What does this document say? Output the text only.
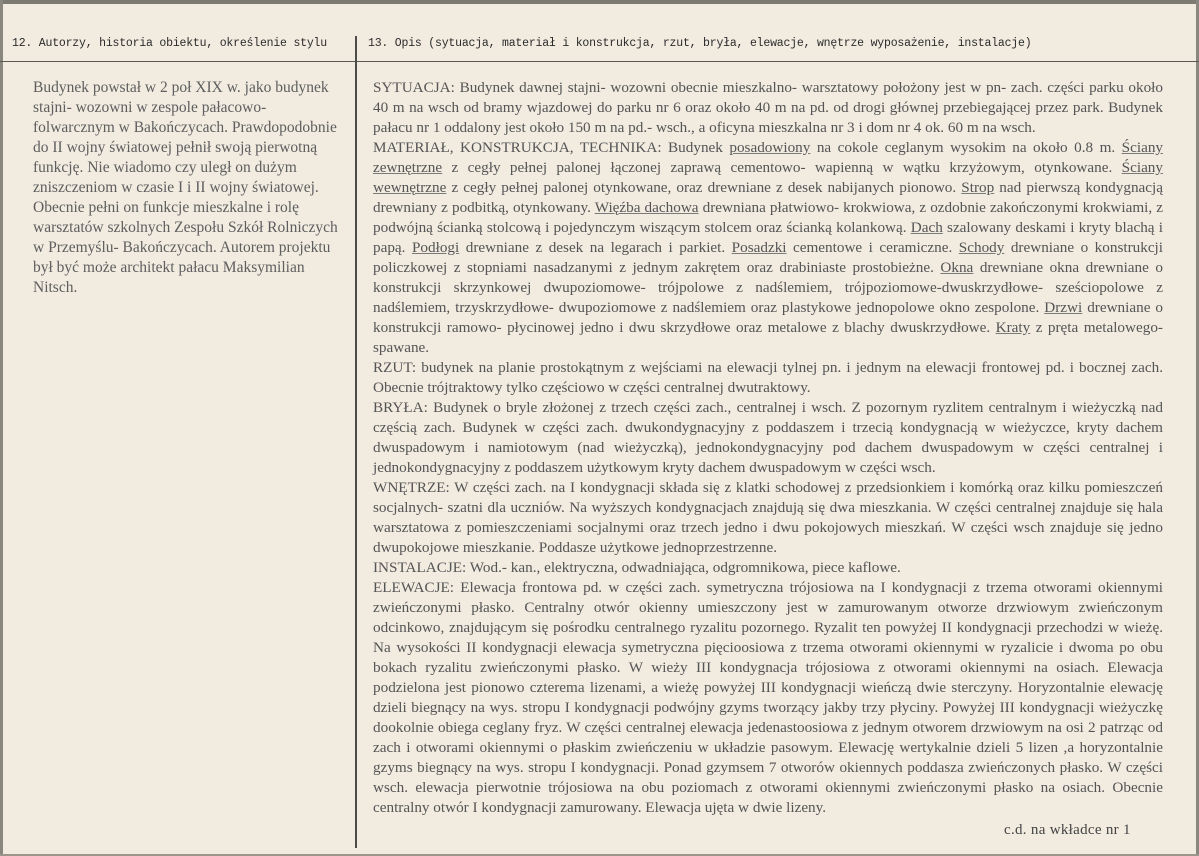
12. Autorzy, historia obiektu, określenie stylu	13. Opis (sytuacja, materiał i konstrukcja, rzut, bryła, elewacje, wnętrze wyposażenie, instalacje)
Budynek powstał w 2 poł XIX w. jako budynek stajni- wozowni w zespole pałacowo-folwarcznym w Bakończycach. Prawdopodobnie do II wojny światowej pełnił swoją pierwotną funkcję. Nie wiadomo czy uległ on dużym zniszczeniom w czasie I i II wojny światowej. Obecnie pełni on funkcje mieszkalne i rolę warsztatów szkolnych Zespołu Szkół Rolniczych w Przemyślu- Bakończycach. Autorem projektu był być może architekt pałacu Maksymilian Nitsch.

SYTUACJA: Budynek dawnej stajni- wozowni obecnie mieszkalno- warsztatowy położony jest w pn- zach. części parku około 40 m na wsch od bramy wjazdowej do parku nr 6 oraz około 40 m na pd. od drogi głównej przebiegającej przez park. Budynek pałacu nr 1 oddalony jest około 150 m na pd.- wsch., a oficyna mieszkalna nr 3 i dom nr 4 ok. 60 m na wsch.

MATERIAŁ, KONSTRUKCJA, TECHNIKA: Budynek posadowiony na cokole ceglanym wysokim na około 0.8 m. Ściany zewnętrzne z cegły pełnej palonej łączonej zaprawą cementowo- wapienną w wątku krzyżowym, otynkowane. Ściany wewnętrzne z cegły pełnej palonej otynkowane, oraz drewniane z desek nabijanych pionowo. Strop nad pierwszą kondygnacją drewniany z podbitką, otynkowany. Więźba dachowa drewniana płatwiowo- krokwiowa, z ozdobnie zakończonymi krokwiami, z podwójną ścianką stolcową i pojedynczym wiszącym stolcem oraz ścianką kolankową. Dach szalowany deskami i kryty blachą i papą. Podłogi drewniane z desek na legarach i parkiet. Posadzki cementowe i ceramiczne. Schody drewniane o konstrukcji policzkowej z stopniami nasadzanymi z jednym zakrętem oraz drabiniaste prostobieżne. Okna drewniane okna drewniane o konstrukcji skrzynkowej dwupoziomowe- trójpolowe z nadślemiem, trójpoziomowe-dwuskrzydłowe- sześciopolowe z nadślemiem, trzyskrzydłowe- dwupoziomowe z nadślemiem oraz plastykowe jednopolowe okno zespolone. Drzwi drewniane o konstrukcji ramowo- płycinowej jedno i dwu skrzydłowe oraz metalowe z blachy dwuskrzydłowe. Kraty z pręta metalowego- spawane.

RZUT: budynek na planie prostokątnym z wejściami na elewacji tylnej pn. i jednym na elewacji frontowej pd. i bocznej zach. Obecnie trójtraktowy tylko częściowo w części centralnej dwutraktowy.

BRYŁA: Budynek o bryle złożonej z trzech części zach., centralnej i wsch. Z pozornym ryzlitem centralnym i wieżyczką nad częścią zach. Budynek w części zach. dwukondygnacyjny z poddaszem i trzecią kondygnacją w wieżyczce, kryty dachem dwuspadowym i namiotowym (nad wieżyczką), jednokondygnacyjny pod dachem dwuspadowym w części centralnej i jednokondygnacyjny z poddaszem użytkowym kryty dachem dwuspadowym w części wsch.

WNĘTRZE: W części zach. na I kondygnacji składa się z klatki schodowej z przedsionkiem i komórką oraz kilku pomieszczeń socjalnych- szatni dla uczniów. Na wyższych kondygnacjach znajdują się dwa mieszkania. W części centralnej znajduje się hala warsztatowa z pomieszczeniami socjalnymi oraz trzech jedno i dwu pokojowych mieszkań. W części wsch znajduje się jedno dwupokojowe mieszkanie. Poddasze użytkowe jednoprzestrzenne.

INSTALACJE: Wod.- kan., elektryczna, odwadniająca, odgromnikowa, piece kaflowe.

ELEWACJE: Elewacja frontowa pd. w części zach. symetryczna trójosiowa na I kondygnacji z trzema otworami okiennymi zwieńczonymi płasko. Centralny otwór okienny umieszczony jest w zamurowanym otworze drzwiowym zwieńczonym odcinkowo, znajdującym się pośrodku centralnego ryzalitu pozornego. Ryzalit ten powyżej II kondygnacji przechodzi w wieżę. Na wysokości II kondygnacji elewacja symetryczna pięcioosiowa z trzema otworami okiennymi w ryzalicie i dwoma po obu bokach ryzalitu zwieńczonymi płasko. W wieży III kondygnacja trójosiowa z otworami okiennymi na osiach. Elewacja podzielona jest pionowo czterema lizenami, a wieżę powyżej III kondygnacji wieńczą dwie sterczyny. Horyzontalnie elewację dzieli biegnący na wys. stropu I kondygnacji podwójny gzyms tworzący jakby trzy płyciny. Powyżej III kondygnacji wieżyczkę dookolnie obiega ceglany fryz. W części centralnej elewacja jedenastoosiowa z jednym otworem drzwiowym na osi 2 patrząc od zach i otworami okiennymi o płaskim zwieńczeniu w układzie pasowym. Elewację wertykalnie dzieli 5 lizen ,a horyzontalnie gzyms biegnący na wys. stropu I kondygnacji. Ponad gzymsem 7 otworów okiennych poddasza zwieńczonych płasko. W części wsch. elewacja pierwotnie trójosiowa na obu poziomach z otworami okiennymi zwieńczonymi płasko na osiach. Obecnie centralny otwór I kondygnacji zamurowany. Elewacja ujęta w dwie lizeny.

c.d. na wkładce nr 1
